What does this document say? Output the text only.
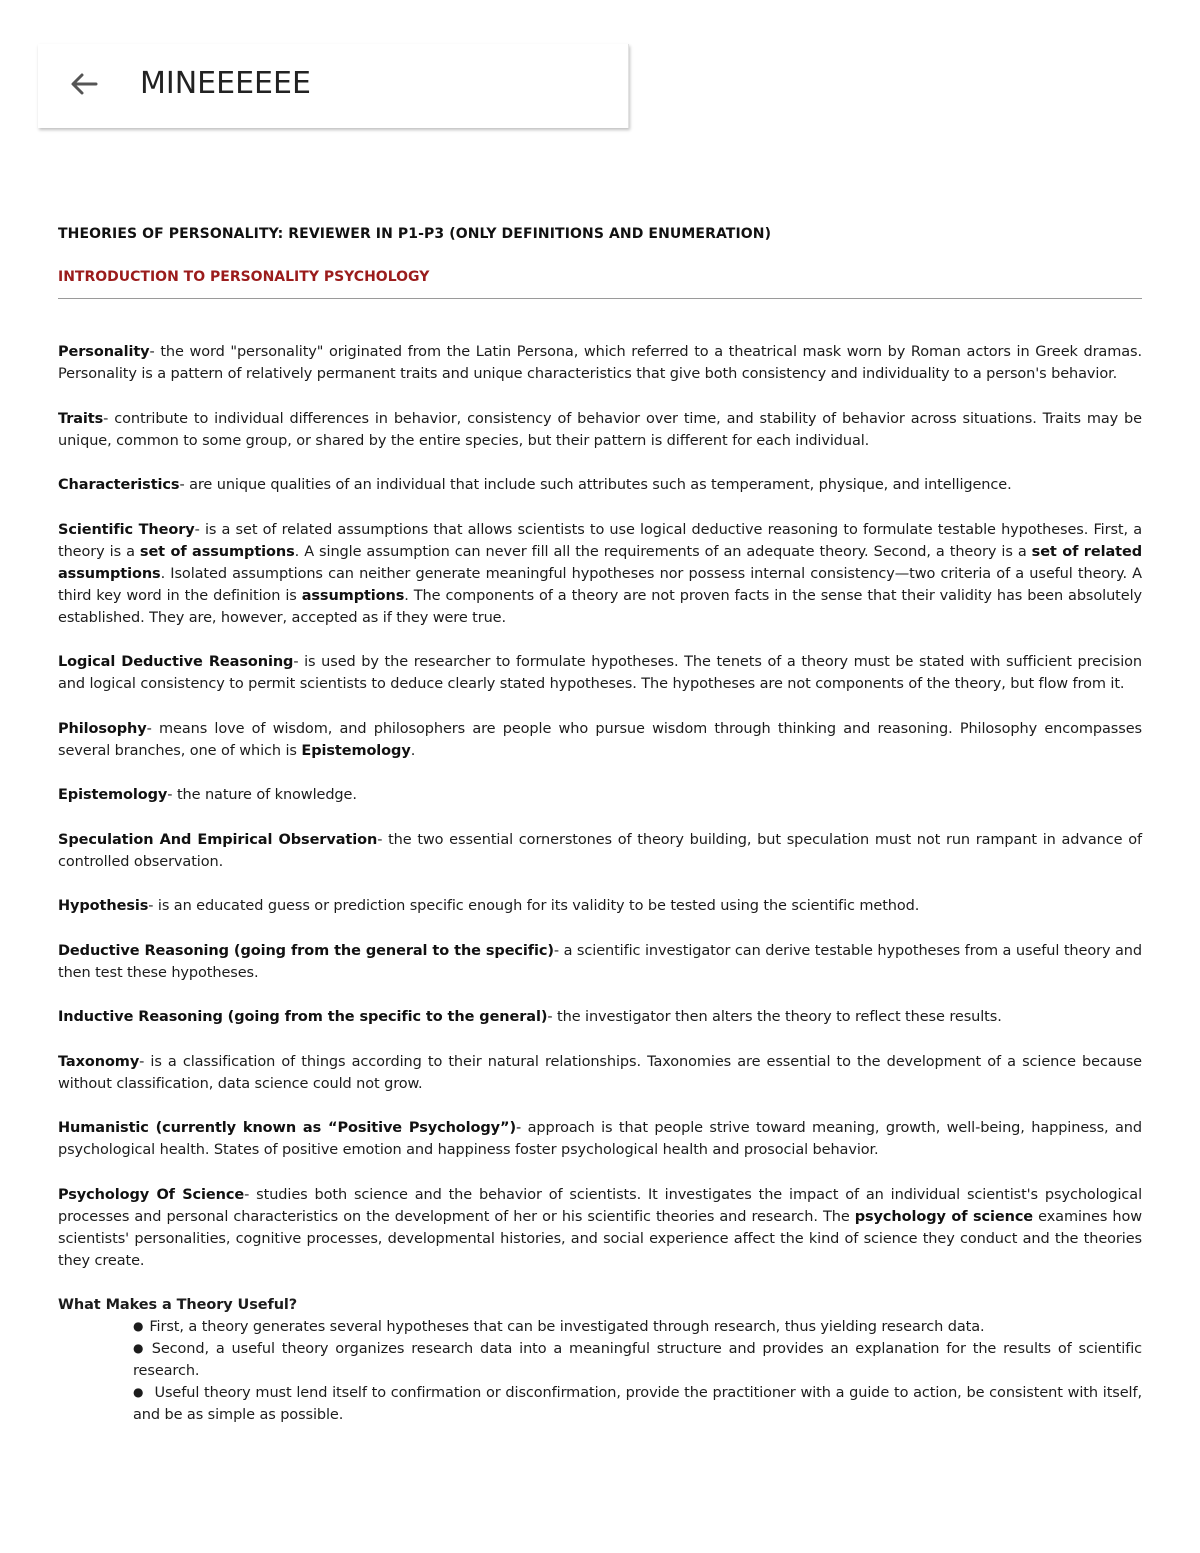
MINEEEEEE
THEORIES OF PERSONALITY: REVIEWER IN P1-P3 (ONLY DEFINITIONS AND ENUMERATION)
INTRODUCTION TO PERSONALITY PSYCHOLOGY

Personality- the word "personality" originated from the Latin Persona, which referred to a theatrical mask worn by Roman actors in Greek dramas. Personality is a pattern of relatively permanent traits and unique characteristics that give both consistency and individuality to a person's behavior.

Traits- contribute to individual differences in behavior, consistency of behavior over time, and stability of behavior across situations. Traits may be unique, common to some group, or shared by the entire species, but their pattern is different for each individual.

Characteristics- are unique qualities of an individual that include such attributes such as temperament, physique, and intelligence.

Scientific Theory- is a set of related assumptions that allows scientists to use logical deductive reasoning to formulate testable hypotheses. First, a theory is a set of assumptions. A single assumption can never fill all the requirements of an adequate theory. Second, a theory is a set of related assumptions. Isolated assumptions can neither generate meaningful hypotheses nor possess internal consistency—two criteria of a useful theory. A third key word in the definition is assumptions. The components of a theory are not proven facts in the sense that their validity has been absolutely established. They are, however, accepted as if they were true.

Logical Deductive Reasoning- is used by the researcher to formulate hypotheses. The tenets of a theory must be stated with sufficient precision and logical consistency to permit scientists to deduce clearly stated hypotheses. The hypotheses are not components of the theory, but flow from it.

Philosophy- means love of wisdom, and philosophers are people who pursue wisdom through thinking and reasoning. Philosophy encompasses several branches, one of which is Epistemology.

Epistemology- the nature of knowledge.

Speculation And Empirical Observation- the two essential cornerstones of theory building, but speculation must not run rampant in advance of controlled observation.

Hypothesis- is an educated guess or prediction specific enough for its validity to be tested using the scientific method.

Deductive Reasoning (going from the general to the specific)- a scientific investigator can derive testable hypotheses from a useful theory and then test these hypotheses.

Inductive Reasoning (going from the specific to the general)- the investigator then alters the theory to reflect these results.

Taxonomy- is a classification of things according to their natural relationships. Taxonomies are essential to the development of a science because without classification, data science could not grow.

Humanistic (currently known as “Positive Psychology”)- approach is that people strive toward meaning, growth, well-being, happiness, and psychological health. States of positive emotion and happiness foster psychological health and prosocial behavior.

Psychology Of Science- studies both science and the behavior of scientists. It investigates the impact of an individual scientist's psychological processes and personal characteristics on the development of her or his scientific theories and research. The psychology of science examines how scientists' personalities, cognitive processes, developmental histories, and social experience affect the kind of science they conduct and the theories they create.

What Makes a Theory Useful?
● First, a theory generates several hypotheses that can be investigated through research, thus yielding research data.
● Second, a useful theory organizes research data into a meaningful structure and provides an explanation for the results of scientific research.
● Useful theory must lend itself to confirmation or disconfirmation, provide the practitioner with a guide to action, be consistent with itself, and be as simple as possible.
